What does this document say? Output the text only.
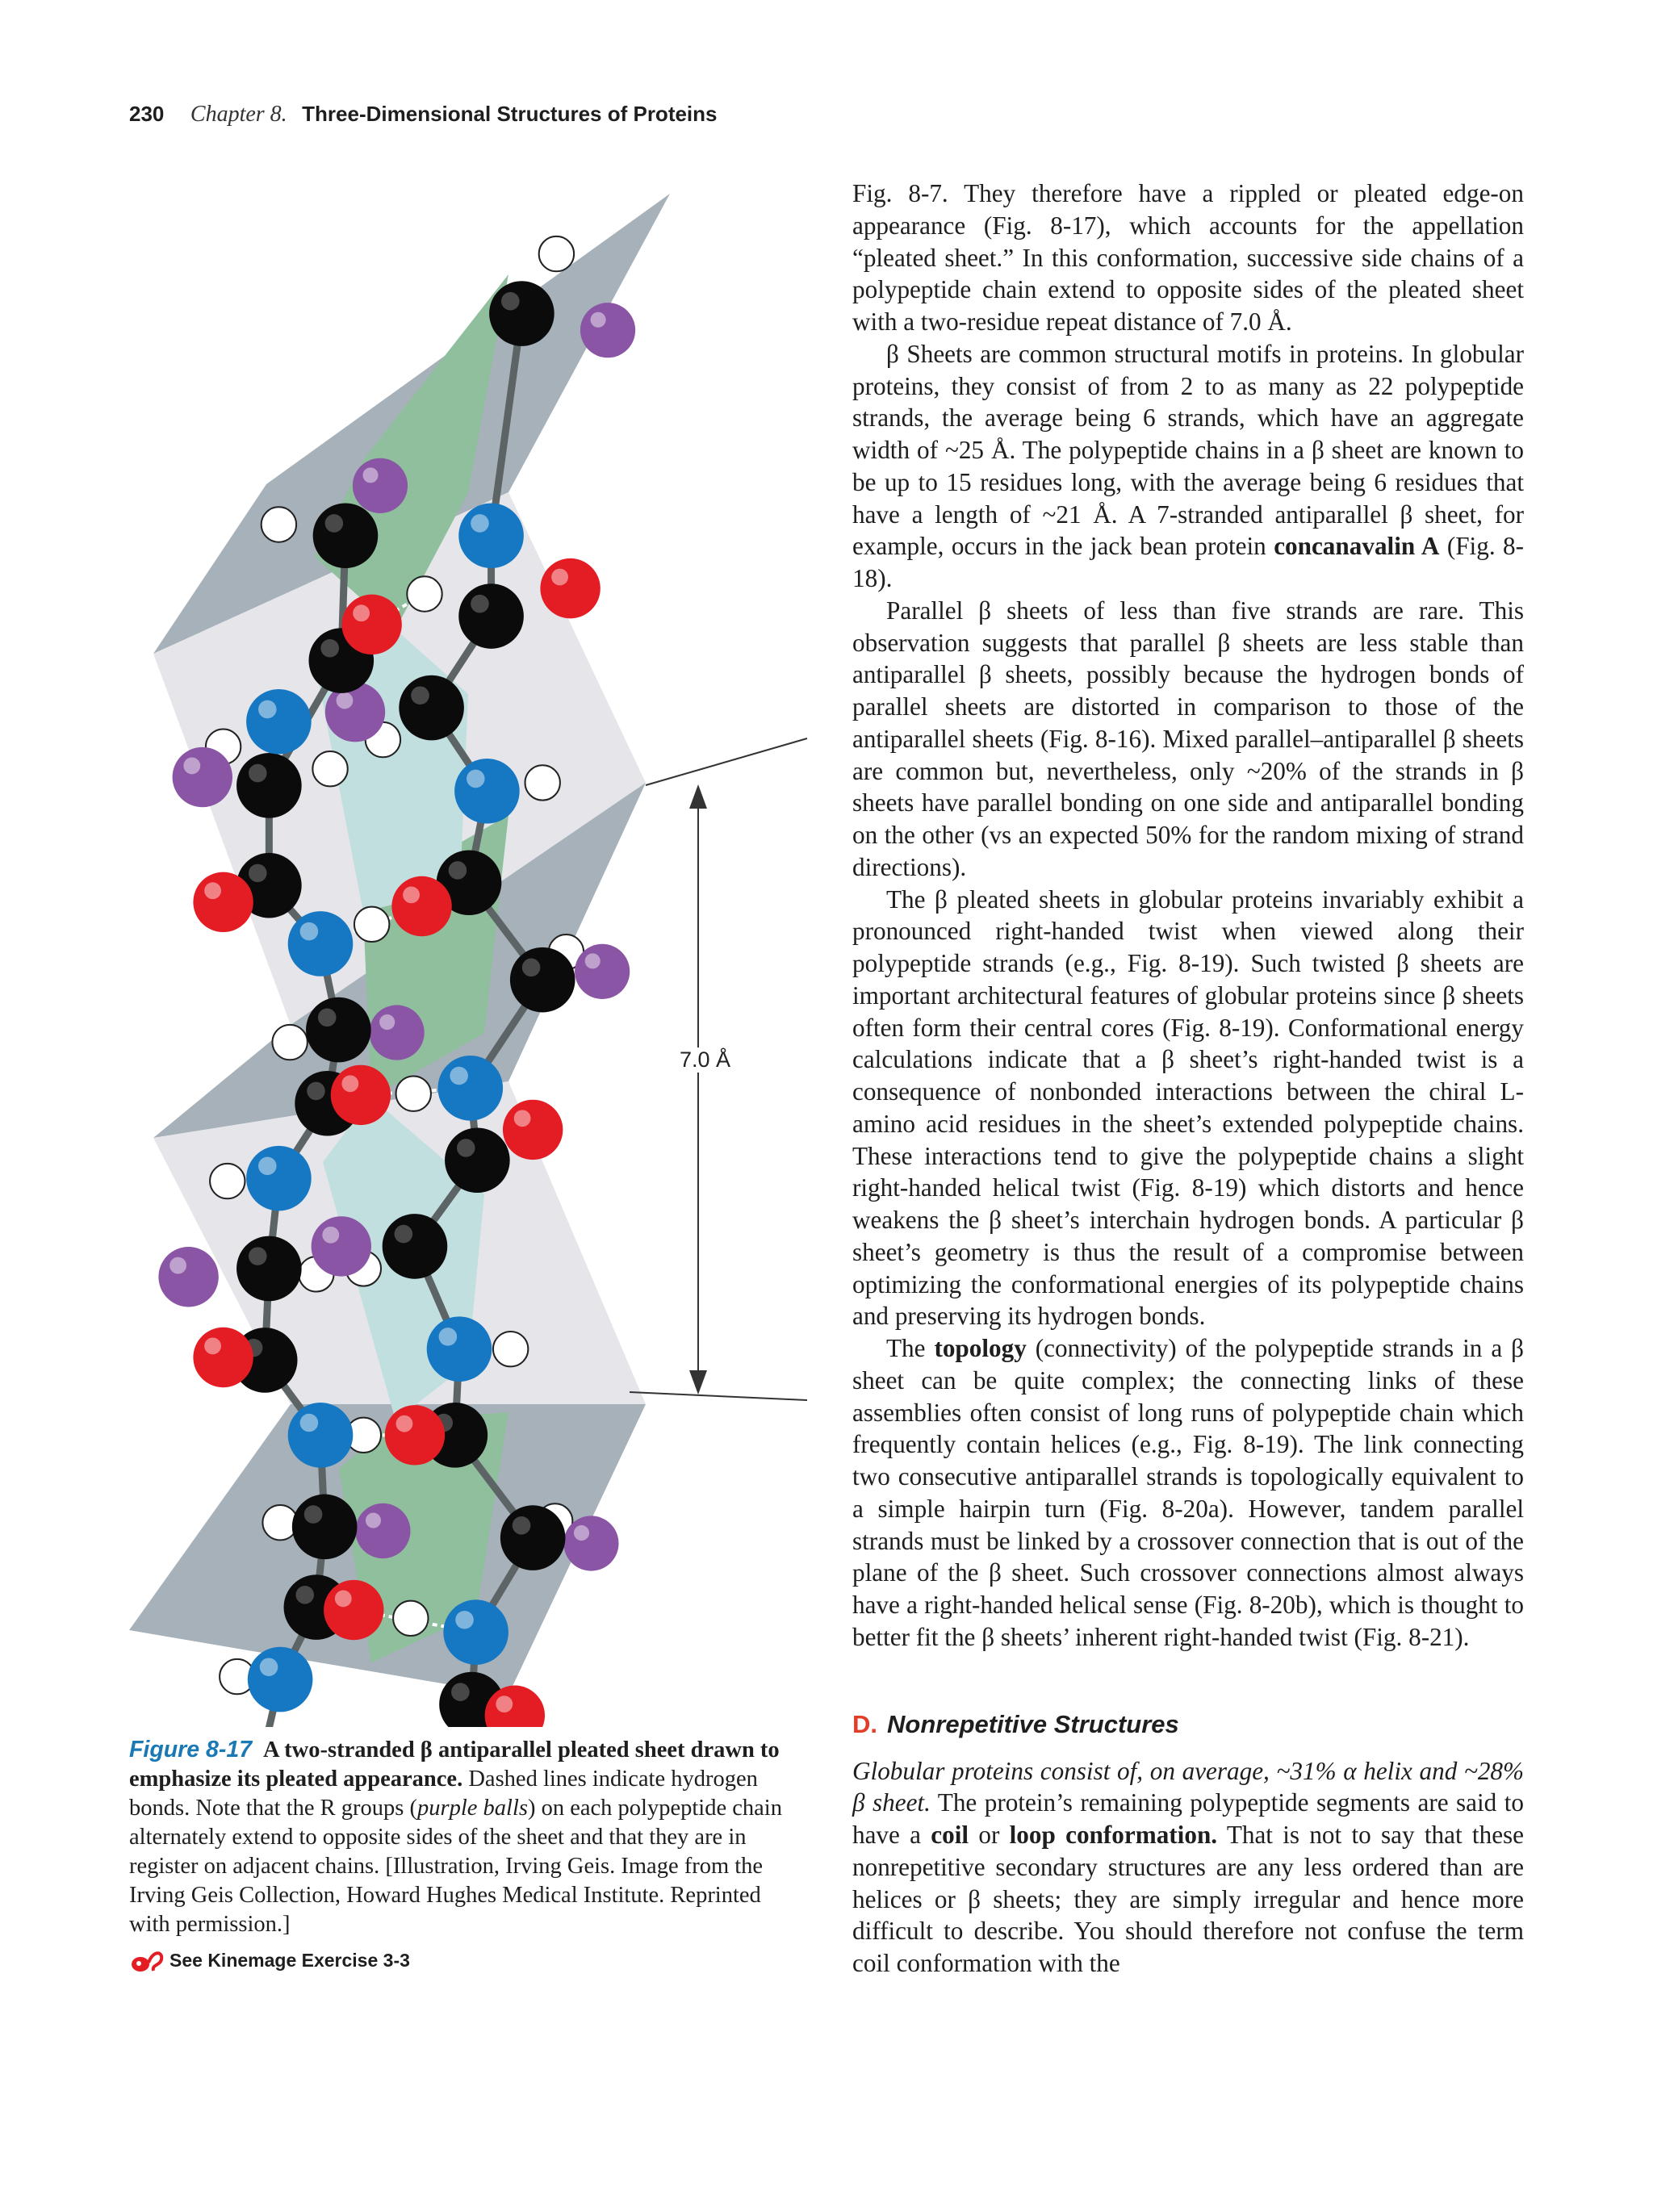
230 Chapter 8. Three-Dimensional Structures of Proteins
7.0 Å

Figure 8-17 A two-stranded β antiparallel pleated sheet drawn to emphasize its pleated appearance. Dashed lines indicate hydrogen bonds. Note that the R groups (purple balls) on each polypeptide chain alternately extend to opposite sides of the sheet and that they are in register on adjacent chains. [Illustration, Irving Geis. Image from the Irving Geis Collection, Howard Hughes Medical Institute. Reprinted with permission.]

See Kinemage Exercise 3-3

Fig. 8-7. They therefore have a rippled or pleated edge-on appearance (Fig. 8-17), which accounts for the appellation “pleated sheet.” In this conformation, successive side chains of a polypeptide chain extend to opposite sides of the pleated sheet with a two-residue repeat distance of 7.0 Å.

β Sheets are common structural motifs in proteins. In globular proteins, they consist of from 2 to as many as 22 polypeptide strands, the average being 6 strands, which have an aggregate width of ~25 Å. The polypeptide chains in a β sheet are known to be up to 15 residues long, with the average being 6 residues that have a length of ~21 Å. A 7-stranded antiparallel β sheet, for example, occurs in the jack bean protein concanavalin A (Fig. 8-18).

Parallel β sheets of less than five strands are rare. This observation suggests that parallel β sheets are less stable than antiparallel β sheets, possibly because the hydrogen bonds of parallel sheets are distorted in comparison to those of the antiparallel sheets (Fig. 8-16). Mixed parallel–antiparallel β sheets are common but, nevertheless, only ~20% of the strands in β sheets have parallel bonding on one side and antiparallel bonding on the other (vs an expected 50% for the random mixing of strand directions).

The β pleated sheets in globular proteins invariably exhibit a pronounced right-handed twist when viewed along their polypeptide strands (e.g., Fig. 8-19). Such twisted β sheets are important architectural features of globular proteins since β sheets often form their central cores (Fig. 8-19). Conformational energy calculations indicate that a β sheet’s right-handed twist is a consequence of nonbonded interactions between the chiral L-amino acid residues in the sheet’s extended polypeptide chains. These interactions tend to give the polypeptide chains a slight right-handed helical twist (Fig. 8-19) which distorts and hence weakens the β sheet’s interchain hydrogen bonds. A particular β sheet’s geometry is thus the result of a compromise between optimizing the conformational energies of its polypeptide chains and preserving its hydrogen bonds.

The topology (connectivity) of the polypeptide strands in a β sheet can be quite complex; the connecting links of these assemblies often consist of long runs of polypeptide chain which frequently contain helices (e.g., Fig. 8-19). The link connecting two consecutive antiparallel strands is topologically equivalent to a simple hairpin turn (Fig. 8-20a). However, tandem parallel strands must be linked by a crossover connection that is out of the plane of the β sheet. Such crossover connections almost always have a right-handed helical sense (Fig. 8-20b), which is thought to better fit the β sheets’ inherent right-handed twist (Fig. 8-21).

D. Nonrepetitive Structures

Globular proteins consist of, on average, ~31% α helix and ~28% β sheet. The protein’s remaining polypeptide segments are said to have a coil or loop conformation. That is not to say that these nonrepetitive secondary structures are any less ordered than are helices or β sheets; they are simply irregular and hence more difficult to describe. You should therefore not confuse the term coil conformation with the
